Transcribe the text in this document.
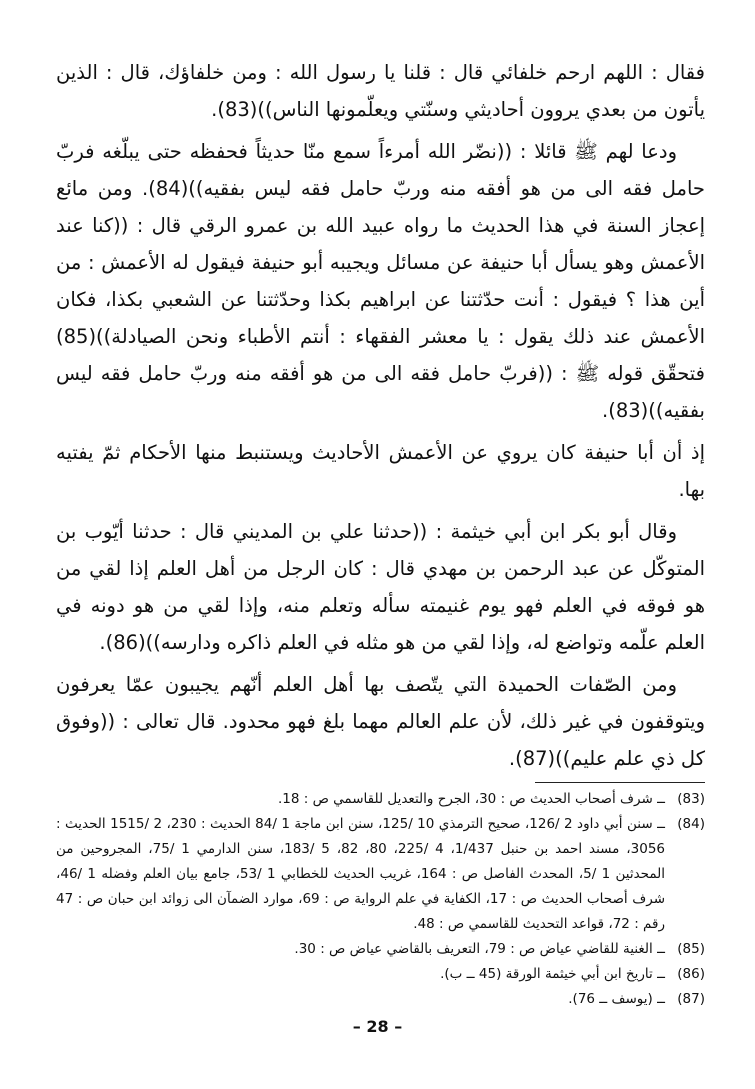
فقال : اللهم ارحم خلفائي قال : قلنا يا رسول الله : ومن خلفاؤك، قال : الذين يأتون من بعدي يروون أحاديثي وسنّتي ويعلّمونها الناس))(83).

ودعا لهم ﷺ قائلا : ((نضّر الله أمرءاً سمع منّا حديثاً فحفظه حتى يبلّغه فربّ حامل فقه الى من هو أفقه منه وربّ حامل فقه ليس بفقيه))(84). ومن مائع إعجاز السنة في هذا الحديث ما رواه عبيد الله بن عمرو الرقي قال : ((كنا عند الأعمش وهو يسأل أبا حنيفة عن مسائل ويجيبه أبو حنيفة فيقول له الأعمش : من أين هذا ؟ فيقول : أنت حدّثتنا عن ابراهيم بكذا وحدّثتنا عن الشعبي بكذا، فكان الأعمش عند ذلك يقول : يا معشر الفقهاء : أنتم الأطباء ونحن الصيادلة))(85) فتحقّق قوله ﷺ : ((فربّ حامل فقه الى من هو أفقه منه وربّ حامل فقه ليس بفقيه))(83).

إذ أن أبا حنيفة كان يروي عن الأعمش الأحاديث ويستنبط منها الأحكام ثمّ يفتيه بها.

وقال أبو بكر ابن أبي خيثمة : ((حدثنا علي بن المديني قال : حدثنا أيّوب بن المتوكّل عن عبد الرحمن بن مهدي قال : كان الرجل من أهل العلم إذا لقي من هو فوقه في العلم فهو يوم غنيمته سأله وتعلم منه، وإذا لقي من هو دونه في العلم علّمه وتواضع له، وإذا لقي من هو مثله في العلم ذاكره ودارسه))(86).

ومن الصّفات الحميدة التي يتّصف بها أهل العلم أنّهم يجيبون عمّا يعرفون ويتوقفون في غير ذلك، لأن علم العالم مهما بلغ فهو محدود. قال تعالى : ((وفوق كل ذي علم عليم))(87).

(83)
ــ شرف أصحاب الحديث ص : 30، الجرح والتعديل للقاسمي ص : 18.
(84)
ــ سنن أبي داود 2 /126، صحيح الترمذي 10 /125، سنن ابن ماجة 1 /84 الحديث : 230، 2 /1515 الحديث : 3056، مسند احمد بن حنبل 1/437، 4 /225، 80، 82، 5 /183، سنن الدارمي 1 /75، المجروحين من المحدثين 1 /5، المحدث الفاصل ص : 164، غريب الحديث للخطابي 1 /53، جامع بيان العلم وفضله 1 /46، شرف أصحاب الحديث ص : 17، الكفاية في علم الرواية ص : 69، موارد الضمآن الى زوائد ابن حبان ص : 47 رقم : 72، قواعد التحديث للقاسمي ص : 48.
(85)
ــ الغنية للقاضي عياض ص : 79، التعريف بالقاضي عياض ص : 30.
(86)
ــ تاريخ ابن أبي خيثمة الورقة (45 ــ ب).
(87)
ــ (يوسف ــ 76).
– 28 –
